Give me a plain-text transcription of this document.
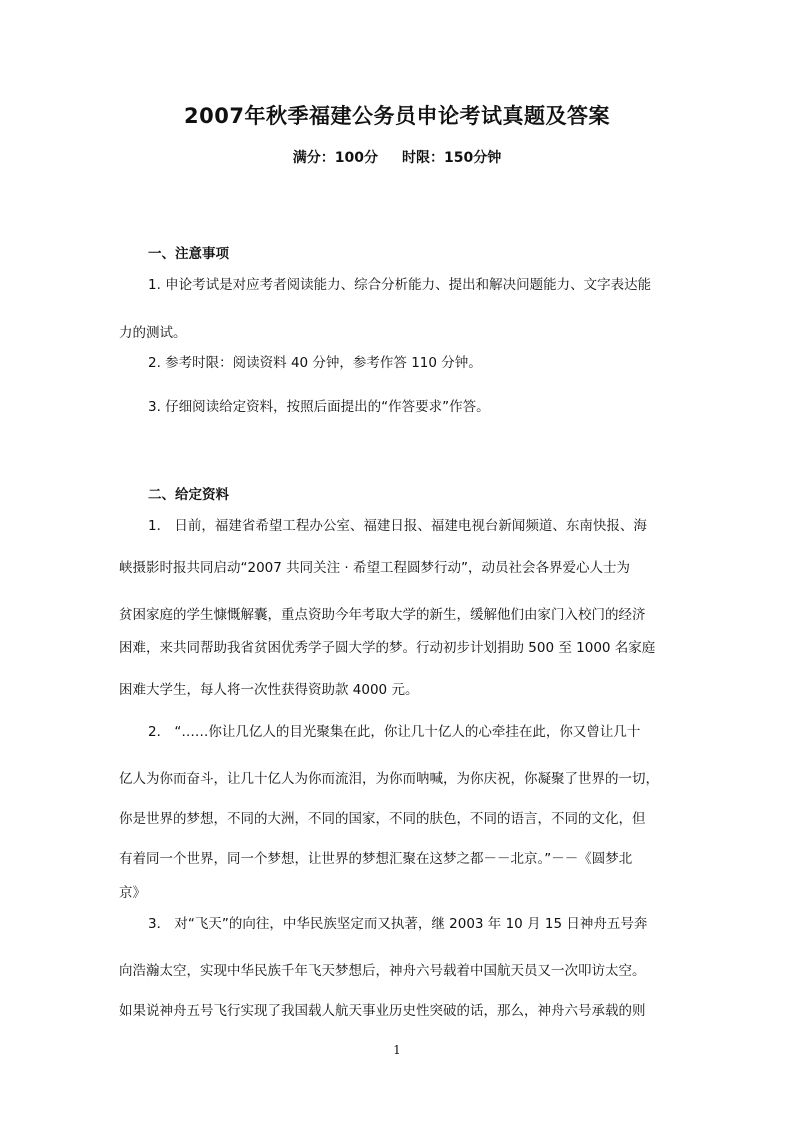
2007年秋季福建公务员申论考试真题及答案
满分：100分 时限：150分钟
一、注意事项
1. 申论考试是对应考者阅读能力、综合分析能力、提出和解决问题能力、文字表达能
力的测试。
2. 参考时限：阅读资料 40 分钟，参考作答 110 分钟。
3. 仔细阅读给定资料，按照后面提出的“作答要求”作答。
二、给定资料
1． 日前，福建省希望工程办公室、福建日报、福建电视台新闻频道、东南快报、海
峡摄影时报共同启动“2007 共同关注 · 希望工程圆梦行动”，动员社会各界爱心人士为
贫困家庭的学生慷慨解囊，重点资助今年考取大学的新生，缓解他们由家门入校门的经济
困难，来共同帮助我省贫困优秀学子圆大学的梦。行动初步计划捐助 500 至 1000 名家庭
困难大学生，每人将一次性获得资助款 4000 元。
2． “……你让几亿人的目光聚集在此，你让几十亿人的心牵挂在此，你又曾让几十
亿人为你而奋斗，让几十亿人为你而流泪，为你而呐喊，为你庆祝，你凝聚了世界的一切，
你是世界的梦想，不同的大洲，不同的国家，不同的肤色，不同的语言，不同的文化，但
有着同一个世界，同一个梦想，让世界的梦想汇聚在这梦之都－－北京。”－－《圆梦北
京》
3． 对“飞天”的向往，中华民族坚定而又执著，继 2003 年 10 月 15 日神舟五号奔
向浩瀚太空，实现中华民族千年飞天梦想后，神舟六号载着中国航天员又一次叩访太空。
如果说神舟五号飞行实现了我国载人航天事业历史性突破的话，那么，神舟六号承载的则
1
